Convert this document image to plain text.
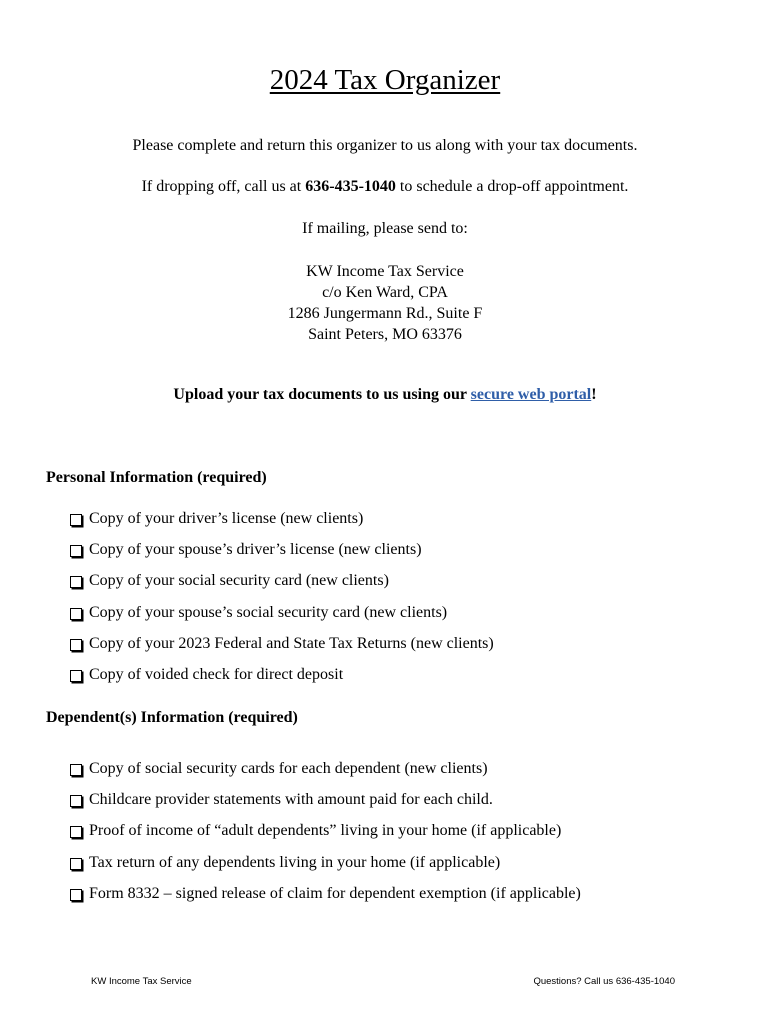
2024 Tax Organizer
Please complete and return this organizer to us along with your tax documents.
If dropping off, call us at 636-435-1040 to schedule a drop-off appointment.
If mailing, please send to:
KW Income Tax Service
c/o Ken Ward, CPA
1286 Jungermann Rd., Suite F
Saint Peters, MO 63376
Upload your tax documents to us using our secure web portal!
Personal Information (required)
Copy of your driver’s license (new clients)
Copy of your spouse’s driver’s license (new clients)
Copy of your social security card (new clients)
Copy of your spouse’s social security card (new clients)
Copy of your 2023 Federal and State Tax Returns (new clients)
Copy of voided check for direct deposit
Dependent(s) Information (required)
Copy of social security cards for each dependent (new clients)
Childcare provider statements with amount paid for each child.
Proof of income of “adult dependents” living in your home (if applicable)
Tax return of any dependents living in your home (if applicable)
Form 8332 – signed release of claim for dependent exemption (if applicable)
KW Income Tax Service	Questions? Call us 636-435-1040
